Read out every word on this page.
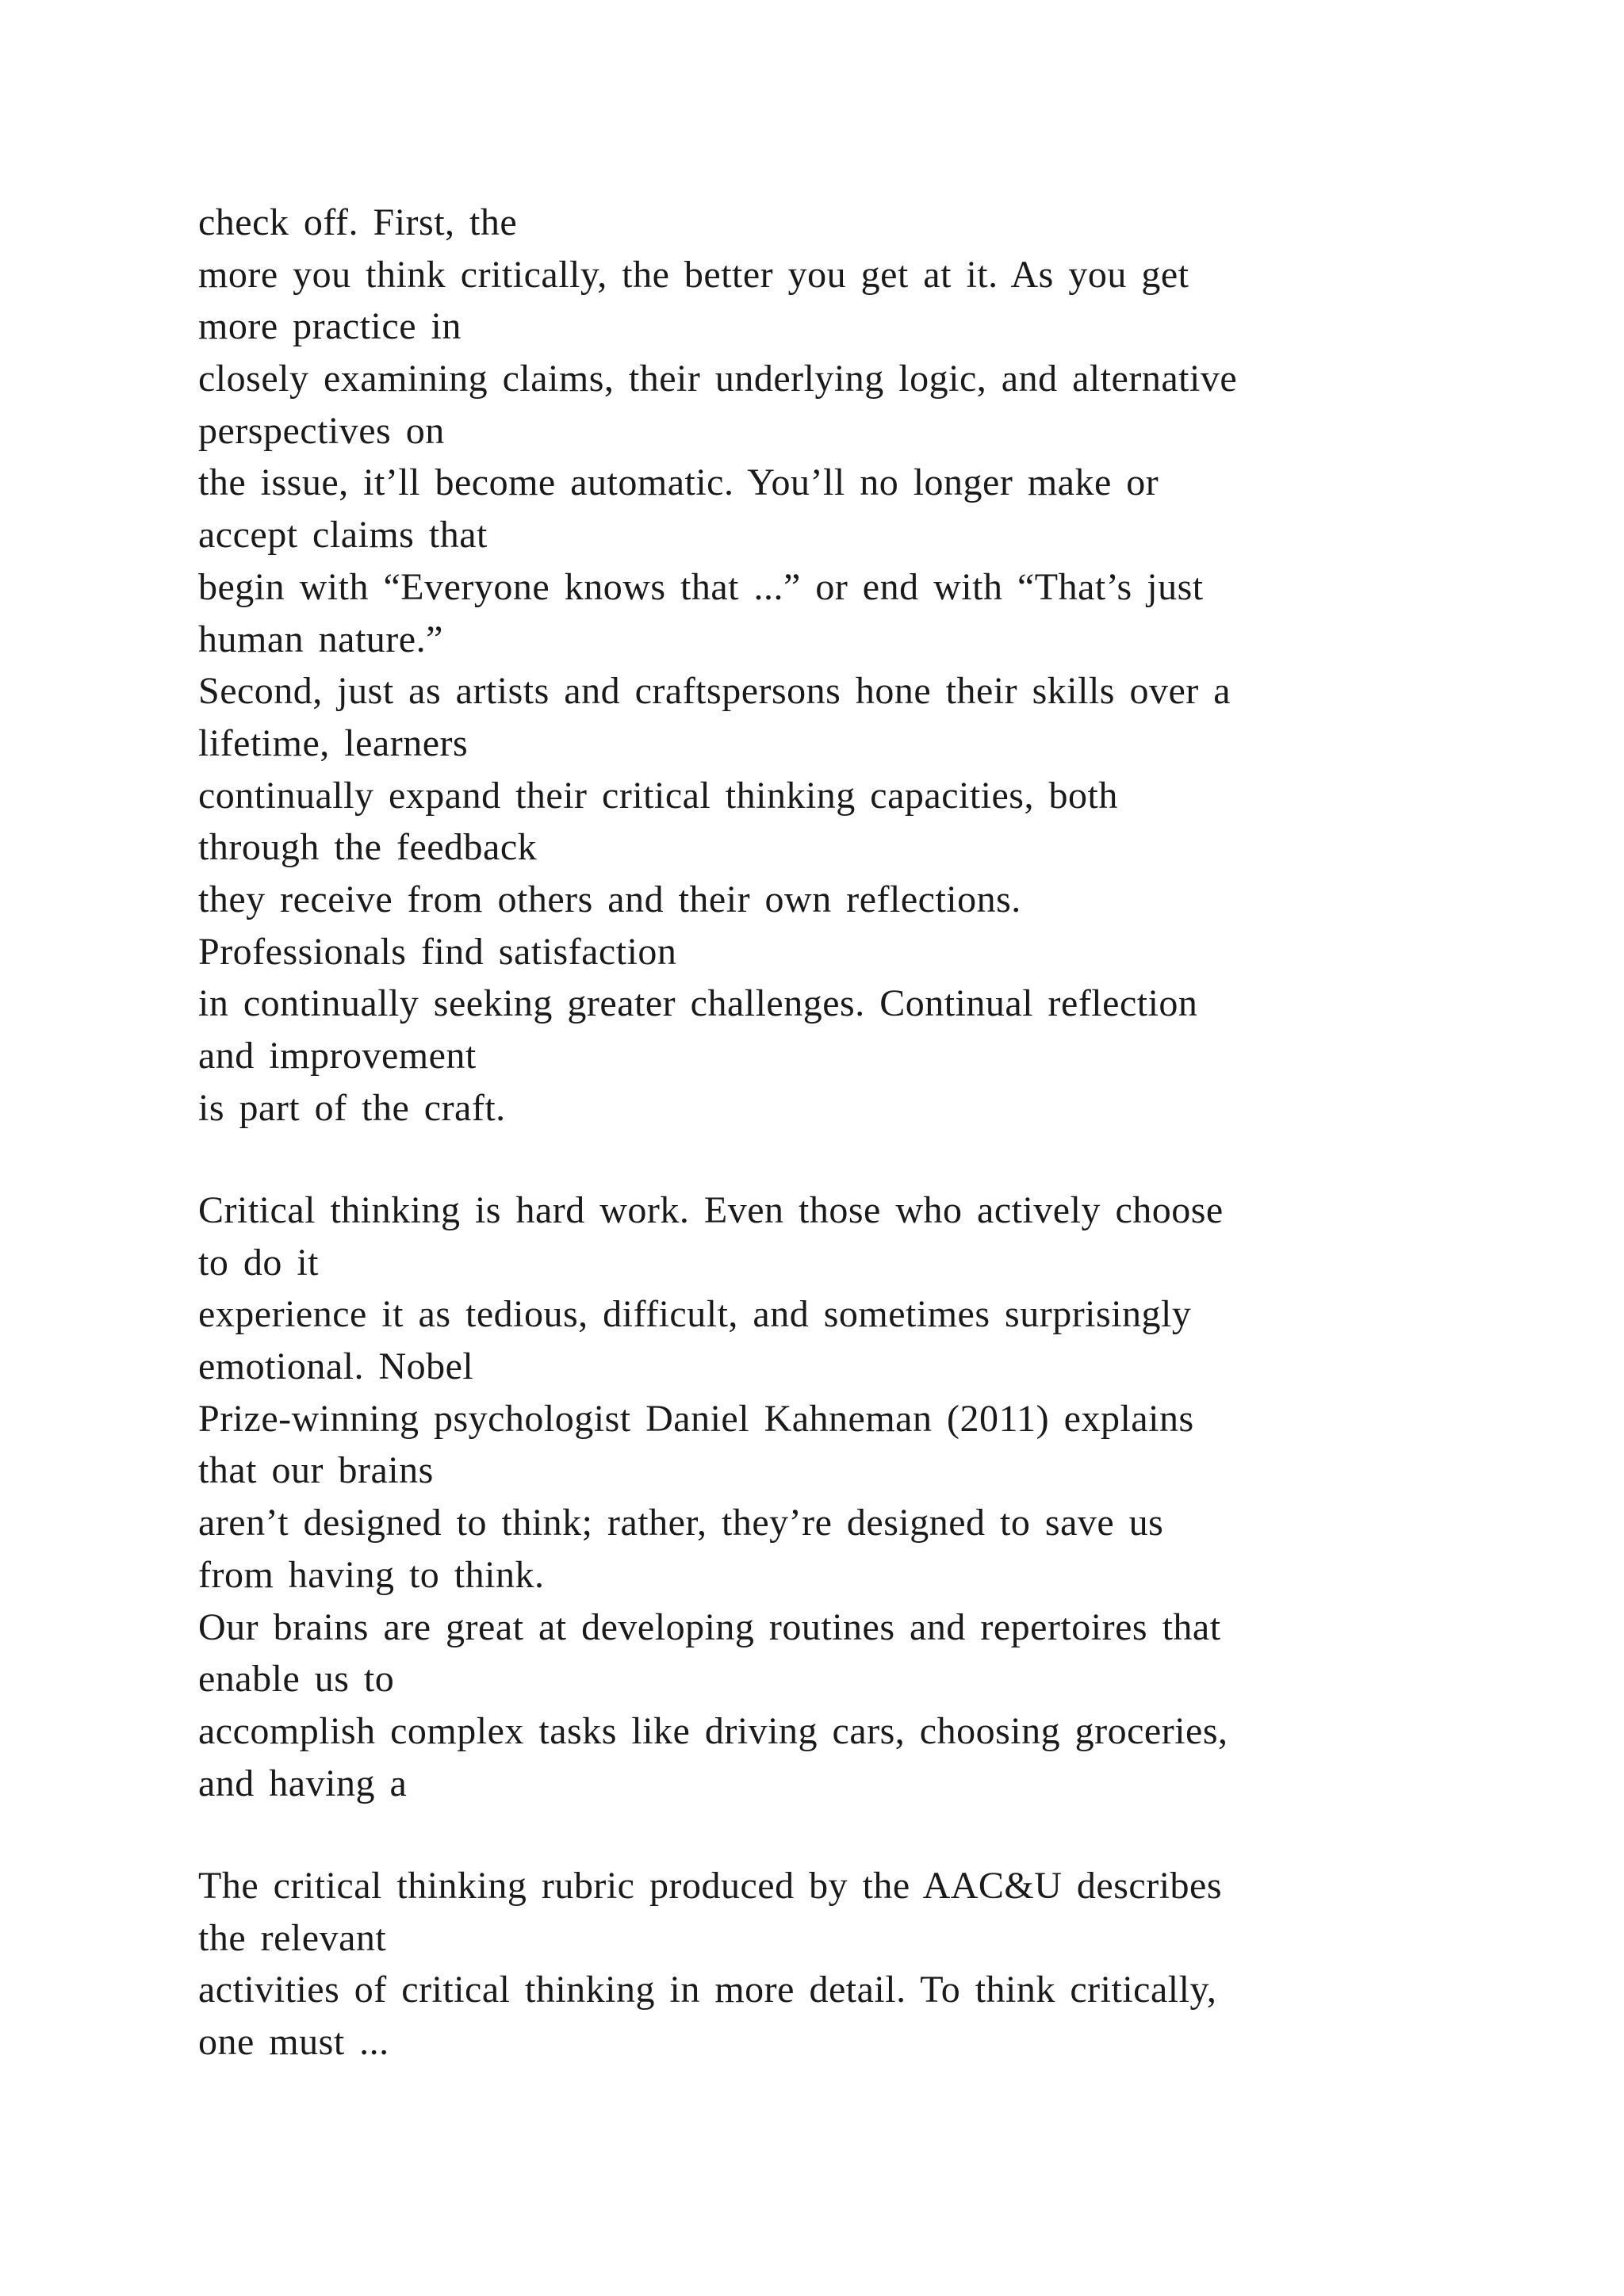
check off. First, the
more you think critically, the better you get at it. As you get
more practice in
closely examining claims, their underlying logic, and alternative
perspectives on
the issue, it’ll become automatic. You’ll no longer make or
accept claims that
begin with “Everyone knows that ...” or end with “That’s just
human nature.”
Second, just as artists and craftspersons hone their skills over a
lifetime, learners
continually expand their critical thinking capacities, both
through the feedback
they receive from others and their own reflections.
Professionals find satisfaction
in continually seeking greater challenges. Continual reflection
and improvement
is part of the craft.
Critical thinking is hard work. Even those who actively choose
to do it
experience it as tedious, difficult, and sometimes surprisingly
emotional. Nobel
Prize-winning psychologist Daniel Kahneman (2011) explains
that our brains
aren’t designed to think; rather, they’re designed to save us
from having to think.
Our brains are great at developing routines and repertoires that
enable us to
accomplish complex tasks like driving cars, choosing groceries,
and having a
The critical thinking rubric produced by the AAC&U describes
the relevant
activities of critical thinking in more detail. To think critically,
one must ...
